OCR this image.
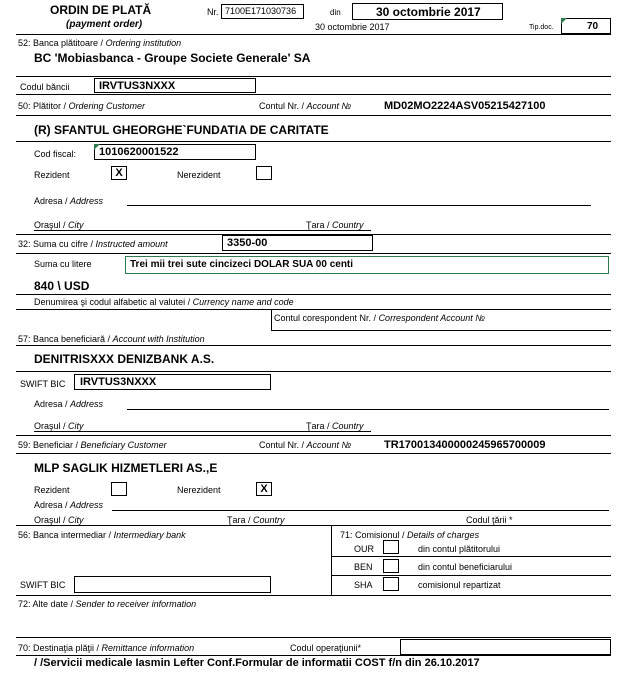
ORDIN DE PLATĂ
(payment order)
Nr. 7100E171030736	din	30 octombrie 2017
30 octombrie 2017	Tip.doc.	70
52: Banca plătitoare / Ordering institution
BC 'Mobiasbanca - Groupe Societe Generale' SA
Codul băncii	IRVTUS3NXXX
50: Plătitor / Ordering Customer	Contul Nr. / Account №	MD02MO2224ASV05215427100
(R) SFANTUL GHEORGHE`FUNDATIA DE CARITATE
Cod fiscal: 1010620001522
Rezident	X	Nerezident
Adresa / Address
Oraşul / City	Ţara / Country
32: Suma cu cifre / Instructed amount	3350-00
Suma cu litere	Trei mii trei sute cincizeci DOLAR SUA 00 centi
840 \ USD
Denumirea şi codul alfabetic al valutei / Currency name and code
Contul corespondent Nr. / Correspondent Account №
57: Banca beneficiară / Account with Institution
DENITRISXXX DENIZBANK A.S.
SWIFT BIC IRVTUS3NXXX
Adresa / Address
Oraşul / City	Ţara / Country
59: Beneficiar / Beneficiary Customer	Contul Nr. / Account №	TR170013400000245965700009
MLP SAGLIK HIZMETLERI AS.,E
Rezident	Nerezident	X
Adresa / Address
Oraşul / City	Ţara / Country	Codul ţării *
56: Banca intermediar / Intermediary bank	71: Comisionul / Details of charges
OUR	din contul plătitorului
BEN	din contul beneficiarului
SWIFT BIC	SHA	comisionul repartizat
72: Alte date / Sender to receiver information
70: Destinaţia plăţii / Remittance information	Codul operaţiunii*
/ /Servicii medicale Iasmin Lefter Conf.Formular de informatii COST f/n din 26.10.2017
